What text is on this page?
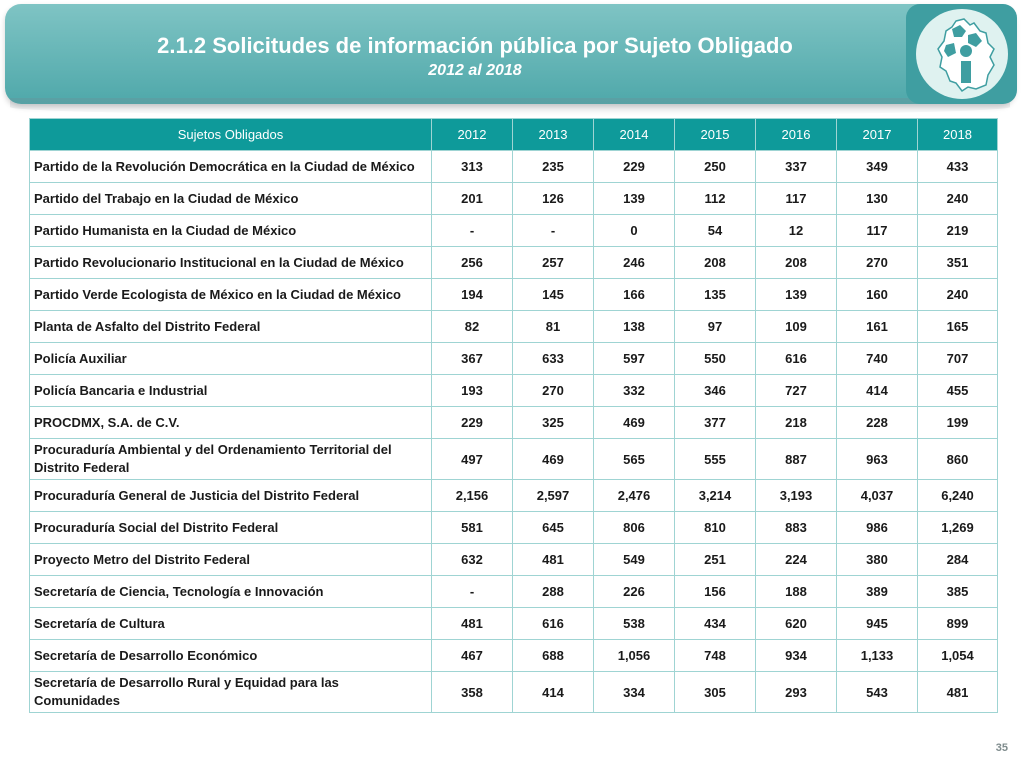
2.1.2 Solicitudes de información pública por Sujeto Obligado
2012 al 2018
Sujetos Obligados	2012	2013	2014	2015	2016	2017	2018
Partido de la Revolución Democrática en la Ciudad de México	313	235	229	250	337	349	433
Partido del Trabajo en la Ciudad de México	201	126	139	112	117	130	240
Partido Humanista en la Ciudad de México	-	-	0	54	12	117	219
Partido Revolucionario Institucional en la Ciudad de México	256	257	246	208	208	270	351
Partido Verde Ecologista de México en la Ciudad de México	194	145	166	135	139	160	240
Planta de Asfalto del Distrito Federal	82	81	138	97	109	161	165
Policía Auxiliar	367	633	597	550	616	740	707
Policía Bancaria e Industrial	193	270	332	346	727	414	455
PROCDMX, S.A. de C.V.	229	325	469	377	218	228	199
Procuraduría Ambiental y del Ordenamiento Territorial del Distrito Federal	497	469	565	555	887	963	860
Procuraduría General de Justicia del Distrito Federal	2,156	2,597	2,476	3,214	3,193	4,037	6,240
Procuraduría Social del Distrito Federal	581	645	806	810	883	986	1,269
Proyecto Metro del Distrito Federal	632	481	549	251	224	380	284
Secretaría de Ciencia, Tecnología e Innovación	-	288	226	156	188	389	385
Secretaría de Cultura	481	616	538	434	620	945	899
Secretaría de Desarrollo Económico	467	688	1,056	748	934	1,133	1,054
Secretaría de Desarrollo Rural y Equidad para las Comunidades	358	414	334	305	293	543	481
35
